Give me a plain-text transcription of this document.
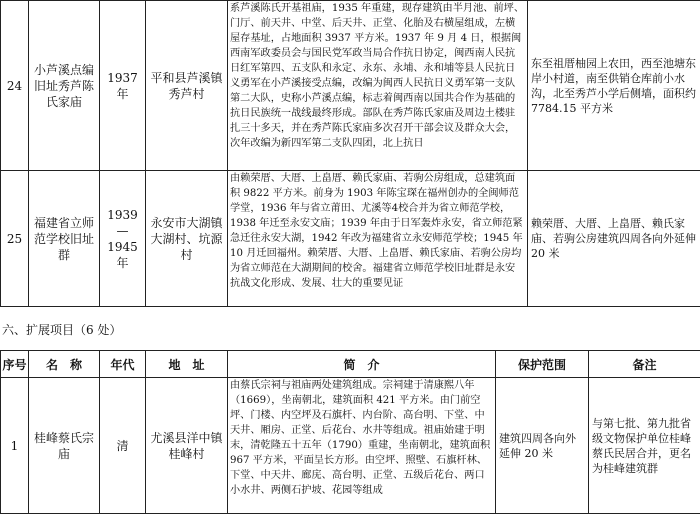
24	小芦溪点编旧址秀芦陈氏家庙	1937 年	平和县芦溪镇秀芦村	系芦溪陈氏开基祖庙，1935 年重建，现存建筑由半月池、前坪、门厅、前天井、中堂、后天井、正堂、化胎及右横屋组成，左横屋存基址，占地面积 3937 平方米。1937 年 9 月 4 日，根据闽西南军政委员会与国民党军政当局合作抗日协定，闽西南人民抗日红军第四、五支队和永定、永东、永埔、永和埔等县人民抗日义勇军在小芦溪接受点编，改编为闽西人民抗日义勇军第一支队第二大队，史称小芦溪点编，标志着闽西南以国共合作为基础的抗日民族统一战线最终形成。部队在秀芦陈氏家庙及周边土楼驻扎三十多天，并在秀芦陈氏家庙多次召开干部会议及群众大会，次年改编为新四军第二支队四团，北上抗日	东至祖厝柚园上农田，西至池塘东岸小村道，南至供销仓库前小水沟，北至秀芦小学后侧墙，面积约 7784.15 平方米
25	福建省立师范学校旧址群	1939—1945 年	永安市大湖镇大湖村、坑源村	由赖荣厝、大厝、上畠厝、赖氏家庙、若驹公房组成，总建筑面积 9822 平方米。前身为 1903 年陈宝琛在福州创办的全闽师范学堂，1936 年与省立莆田、尤溪等4校合并为省立师范学校，1938 年迁至永安文庙；1939 年由于日军轰炸永安，省立师范紧急迁往永安大湖，1942 年改为福建省立永安师范学校；1945 年 10 月迁回福州。赖荣厝、大厝、上畠厝、赖氏家庙、若驹公房均为省立师范在大湖期间的校舍。福建省立师范学校旧址群是永安抗战文化形成、发展、壮大的重要见证	赖荣厝、大厝、上畠厝、赖氏家庙、若驹公房建筑四周各向外延伸 20 米
六、扩展项目（6 处）
序号	名　称	年代	地　址	简　介	保护范围	备注
1	桂峰蔡氏宗庙	清	尤溪县洋中镇桂峰村	由蔡氏宗祠与祖庙两处建筑组成。宗祠建于清康熙八年（1669），坐南朝北，建筑面积 421 平方米。由门前空坪、门楼、内空坪及石旗杆、内台阶、高台明、下堂、中天井、厢房、正堂、后花台、水井等组成。祖庙始建于明末，清乾隆五十五年（1790）重建，坐南朝北，建筑面积 967 平方米，平面呈长方形。由空坪、照壁、石旗杆林、下堂、中天井、廊庑、高台明、正堂、五级后花台、两口小水井、两侧石护坡、花园等组成	建筑四周各向外延伸 20 米	与第七批、第九批省级文物保护单位桂峰蔡氏民居合并，更名为桂峰建筑群
